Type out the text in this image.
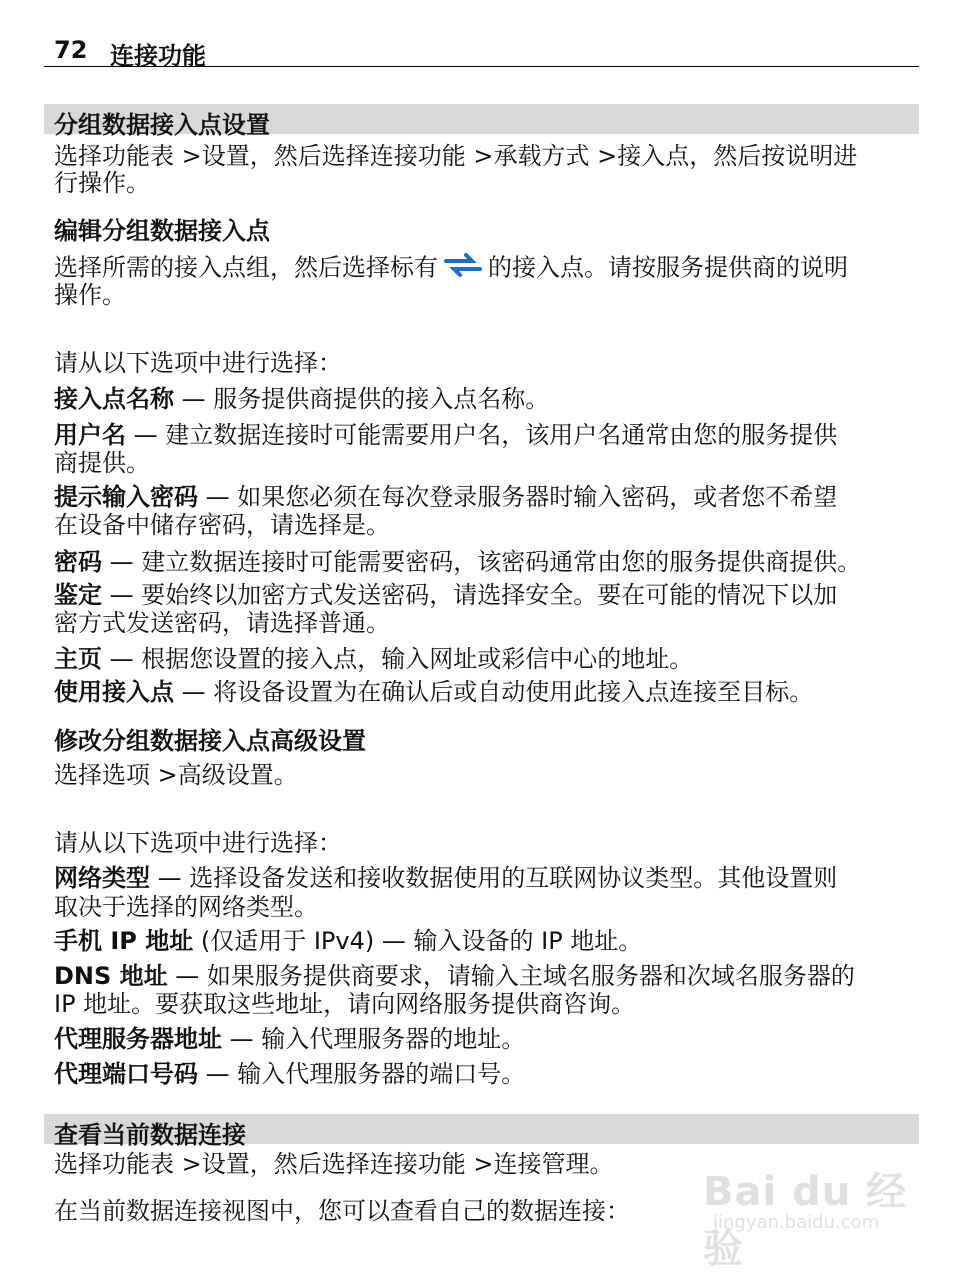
72 连接功能
分组数据接入点设置
选择功能表 >设置，然后选择连接功能 >承载方式 >接入点，然后按说明进
行操作。
编辑分组数据接入点
选择所需的接入点组，然后选择标有 的接入点。请按服务提供商的说明
操作。
请从以下选项中进行选择：
接入点名称 — 服务提供商提供的接入点名称。
用户名 — 建立数据连接时可能需要用户名，该用户名通常由您的服务提供
商提供。
提示输入密码 — 如果您必须在每次登录服务器时输入密码，或者您不希望
在设备中储存密码，请选择是。
密码 — 建立数据连接时可能需要密码，该密码通常由您的服务提供商提供。
鉴定 — 要始终以加密方式发送密码，请选择安全。要在可能的情况下以加
密方式发送密码，请选择普通。
主页 — 根据您设置的接入点，输入网址或彩信中心的地址。
使用接入点 — 将设备设置为在确认后或自动使用此接入点连接至目标。
修改分组数据接入点高级设置
选择选项 >高级设置。
请从以下选项中进行选择：
网络类型 — 选择设备发送和接收数据使用的互联网协议类型。其他设置则
取决于选择的网络类型。
手机 IP 地址 (仅适用于 IPv4) — 输入设备的 IP 地址。
DNS 地址 — 如果服务提供商要求，请输入主域名服务器和次域名服务器的
IP 地址。要获取这些地址，请向网络服务提供商咨询。
代理服务器地址 — 输入代理服务器的地址。
代理端口号码 — 输入代理服务器的端口号。
查看当前数据连接
选择功能表 >设置，然后选择连接功能 >连接管理。
在当前数据连接视图中，您可以查看自己的数据连接： Bai du 经验
jingyan.baidu.com
